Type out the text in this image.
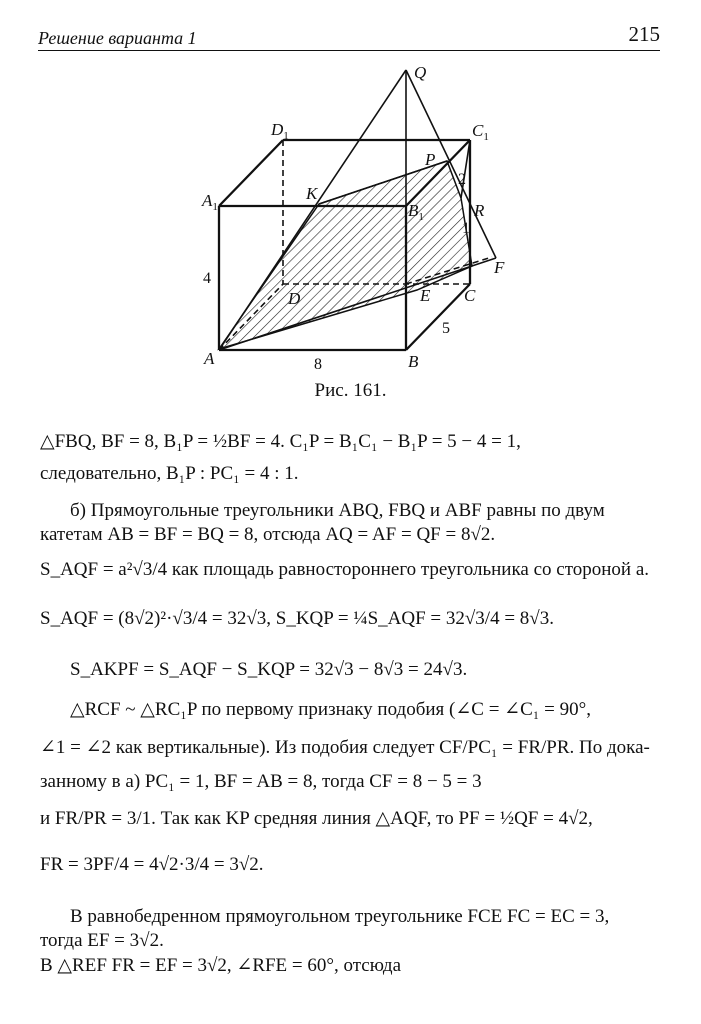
Решение варианта 1	215
Q
$D_1$	$C_1$
$A_1$
K
P
$B_1$	R
F
D	E C
A	B
2
1
4
5
8
Рис. 161.
△FBQ, BF = 8, B₁P = ½BF = 4. C₁P = B₁C₁ − B₁P = 5 − 4 = 1,
следовательно, B₁P : PC₁ = 4 : 1.
б) Прямоугольные треугольники ABQ, FBQ и ABF равны по двум
катетам AB = BF = BQ = 8, отсюда AQ = AF = QF = 8√2.
S_AQF = a²√3/4 как площадь равностороннего треугольника со стороной a.
S_AQF = (8√2)²·√3/4 = 32√3, S_KQP = ¼S_AQF = 32√3/4 = 8√3.
S_AKPF = S_AQF − S_KQP = 32√3 − 8√3 = 24√3.
△RCF ~ △RC₁P по первому признаку подобия (∠C = ∠C₁ = 90°,
∠1 = ∠2 как вертикальные). Из подобия следует CF/PC₁ = FR/PR. По дока-
занному в а) PC₁ = 1, BF = AB = 8, тогда CF = 8 − 5 = 3
и FR/PR = 3/1. Так как KP средняя линия △AQF, то PF = ½QF = 4√2,
FR = 3PF/4 = 4√2·3/4 = 3√2.
В равнобедренном прямоугольном треугольнике FCE FC = EC = 3,
тогда EF = 3√2.
В △REF FR = EF = 3√2, ∠RFE = 60°, отсюда
